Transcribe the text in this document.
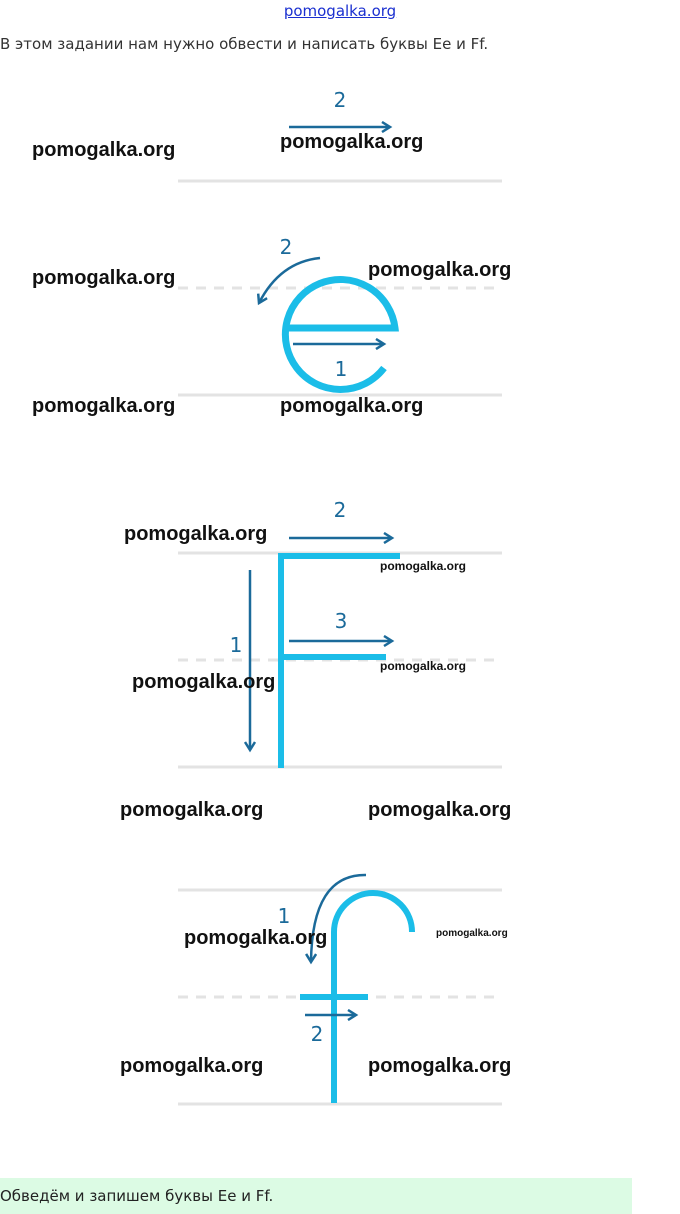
pomogalka.org
В этом задании нам нужно обвести и написать буквы Ee и Ff.
2
1
2
1
2
3
1
2
pomogalka.org	pomogalka.org
pomogalka.org	pomogalka.org
pomogalka.org	pomogalka.org
pomogalka.org
pomogalka.org
pomogalka.org
pomogalka.org
pomogalka.org	pomogalka.org
pomogalka.org	pomogalka.org
pomogalka.org	pomogalka.org
Обведём и запишем буквы Ee и Ff.
